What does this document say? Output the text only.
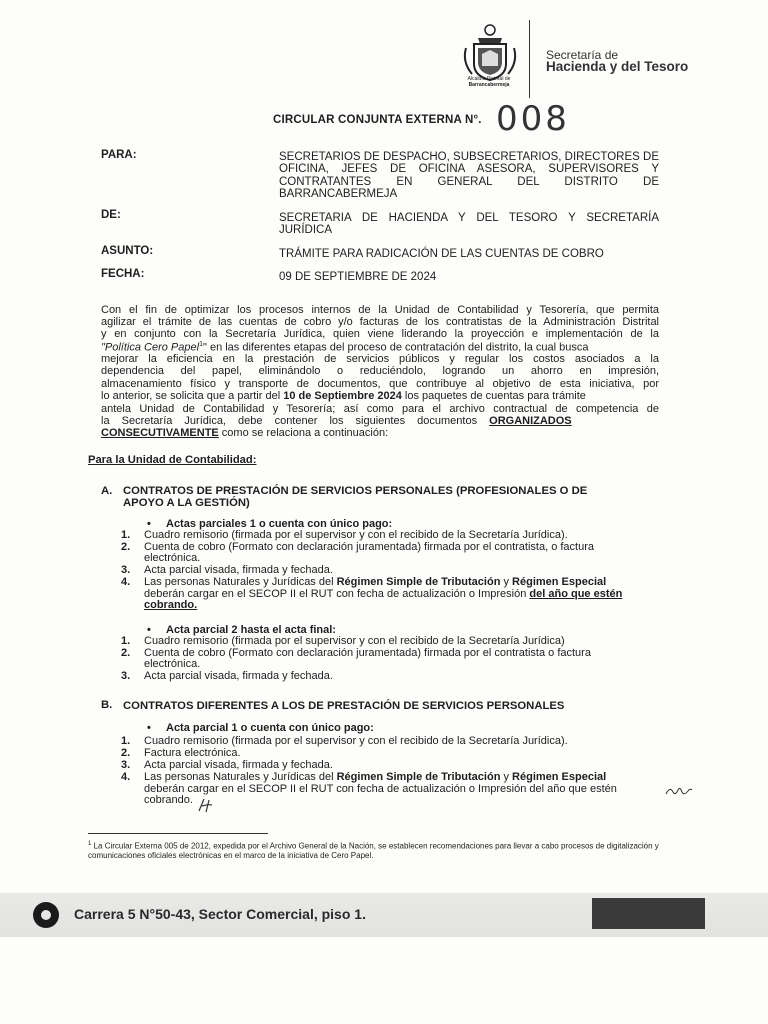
Alcaldía Distrital de
Barrancabermeja
Secretaría de
Hacienda y del Tesoro
CIRCULAR CONJUNTA EXTERNA N°. 008
PARA:	SECRETARIOS DE DESPACHO, SUBSECRETARIOS, DIRECTORES DE OFICINA, JEFES DE OFICINA ASESORA, SUPERVISORES Y CONTRATANTES EN GENERAL DEL DISTRITO DE BARRANCABERMEJA
DE:	SECRETARIA DE HACIENDA Y DEL TESORO Y SECRETARÍA JURÍDICA
ASUNTO:	TRÁMITE PARA RADICACIÓN DE LAS CUENTAS DE COBRO
FECHA:	09 DE SEPTIEMBRE DE 2024
Con el fin de optimizar los procesos internos de la Unidad de Contabilidad y Tesorería, que permita
agilizar el trámite de las cuentas de cobro y/o facturas de los contratistas de la Administración Distrital
y en conjunto con la Secretaría Jurídica, quien viene liderando la proyección e implementación de la
"Política Cero Papel$^1$" en las diferentes etapas del proceso de contratación del distrito, la cual busca
mejorar la eficiencia en la prestación de servicios públicos y regular los costos asociados a la
dependencia del papel, eliminándolo o reduciéndolo, logrando un ahorro en impresión,
almacenamiento físico y transporte de documentos, que contribuye al objetivo de esta iniciativa, por
lo anterior, se solicita que a partir del 10 de Septiembre 2024 los paquetes de cuentas para trámite
antela Unidad de Contabilidad y Tesorería; así como para el archivo contractual de competencia de
la Secretaría Jurídica, debe contener los siguientes documentos ORGANIZADOS
CONSECUTIVAMENTE como se relaciona a continuación:
Para la Unidad de Contabilidad:
A. CONTRATOS DE PRESTACIÓN DE SERVICIOS PERSONALES (PROFESIONALES O DE
APOYO A LA GESTIÓN)
• Actas parciales 1 o cuenta con único pago:
1. Cuadro remisorio (firmada por el supervisor y con el recibido de la Secretaría Jurídica).
2. Cuenta de cobro (Formato con declaración juramentada) firmada por el contratista, o factura
electrónica.
3. Acta parcial visada, firmada y fechada.
4. Las personas Naturales y Jurídicas del Régimen Simple de Tributación y Régimen Especial
deberán cargar en el SECOP II el RUT con fecha de actualización o Impresión del año que estén
cobrando.
• Acta parcial 2 hasta el acta final:
1. Cuadro remisorio (firmada por el supervisor y con el recibido de la Secretaría Jurídica)
2. Cuenta de cobro (Formato con declaración juramentada) firmada por el contratista o factura
electrónica.
3. Acta parcial visada, firmada y fechada.
B. CONTRATOS DIFERENTES A LOS DE PRESTACIÓN DE SERVICIOS PERSONALES
• Acta parcial 1 o cuenta con único pago:
1. Cuadro remisorio (firmada por el supervisor y con el recibido de la Secretaría Jurídica).
2. Factura electrónica.
3. Acta parcial visada, firmada y fechada.
4. Las personas Naturales y Jurídicas del Régimen Simple de Tributación y Régimen Especial
deberán cargar en el SECOP II el RUT con fecha de actualización o Impresión del año que estén
cobrando.
$^1$ La Circular Externa 005 de 2012, expedida por el Archivo General de la Nación, se establecen recomendaciones para llevar a cabo procesos de digitalización y comunicaciones oficiales electrónicas en el marco de la iniciativa de Cero Papel.
Carrera 5 N°50-43, Sector Comercial, piso 1.
